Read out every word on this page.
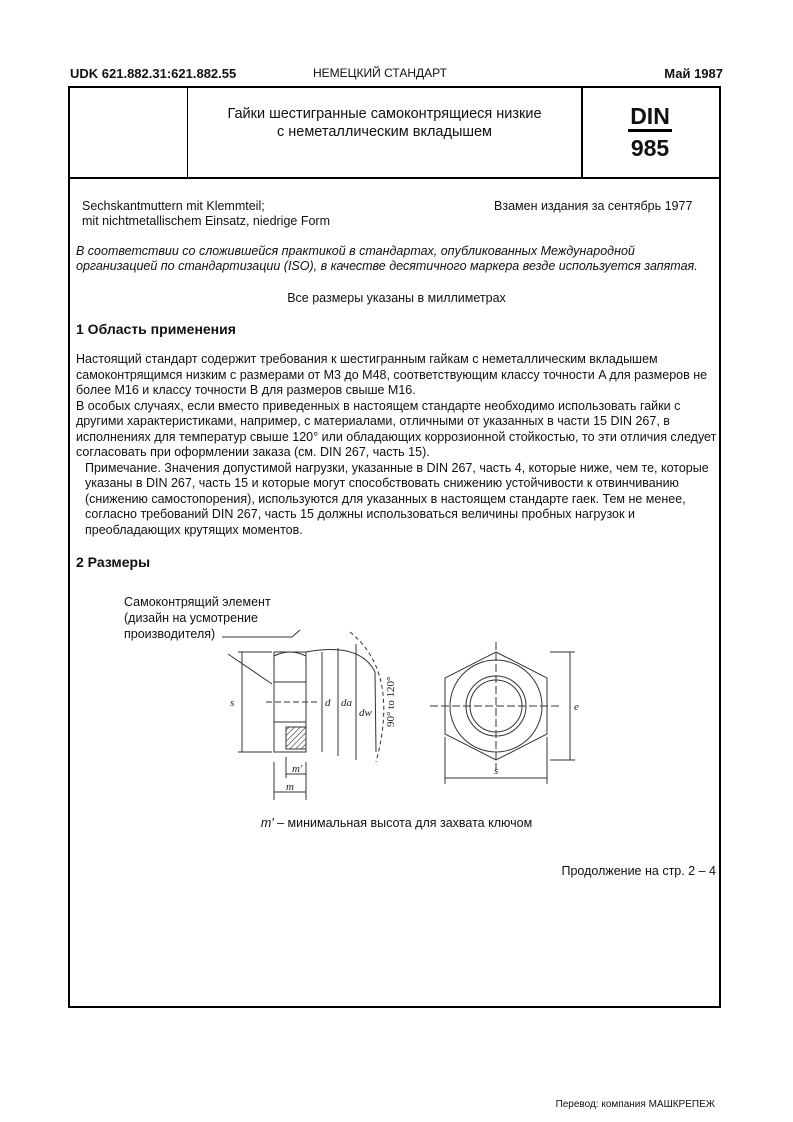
UDK 621.882.31:621.882.55	НЕМЕЦКИЙ СТАНДАРТ	Май 1987
Гайки шестигранные самоконтрящиеся низкие
с неметаллическим вкладышем
DIN
985
Sechskantmuttern mit Klemmteil;
mit nichtmetallischem Einsatz, niedrige Form
Взамен издания за сентябрь 1977
В соответствии со сложившейся практикой в стандартах, опубликованных Международной организацией по стандартизации (ISO), в качестве десятичного маркера везде используется запятая.
Все размеры указаны в миллиметрах
1 Область применения

Настоящий стандарт содержит требования к шестигранным гайкам с неметаллическим вкладышем самоконтрящимся низким с размерами от M3 до M48, соответствующим классу точности A для размеров не более M16 и классу точности B для размеров свыше M16.

В особых случаях, если вместо приведенных в настоящем стандарте необходимо использовать гайки с другими характеристиками, например, с материалами, отличными от указанных в части 15 DIN 267, в исполнениях для температур свыше 120° или обладающих коррозионной стойкостью, то эти отличия следует согласовать при оформлении заказа (см. DIN 267, часть 15).

Примечание. Значения допустимой нагрузки, указанные в DIN 267, часть 4, которые ниже, чем те, которые указаны в DIN 267, часть 15 и которые могут способствовать снижению устойчивости к отвинчиванию (снижению самостопорения), используются для указанных в настоящем стандарте гаек. Тем не менее, согласно требований DIN 267, часть 15 должны использоваться величины пробных нагрузок и преобладающих крутящих моментов.

2 Размеры
Самоконтрящий элемент
(дизайн на усмотрение
производителя)
s	d da
dw 90° to 120°
m'
m
e
s
m' – минимальная высота для захвата ключом
Продолжение на стр. 2 – 4
Перевод: компания МАШКРЕПЕЖ
